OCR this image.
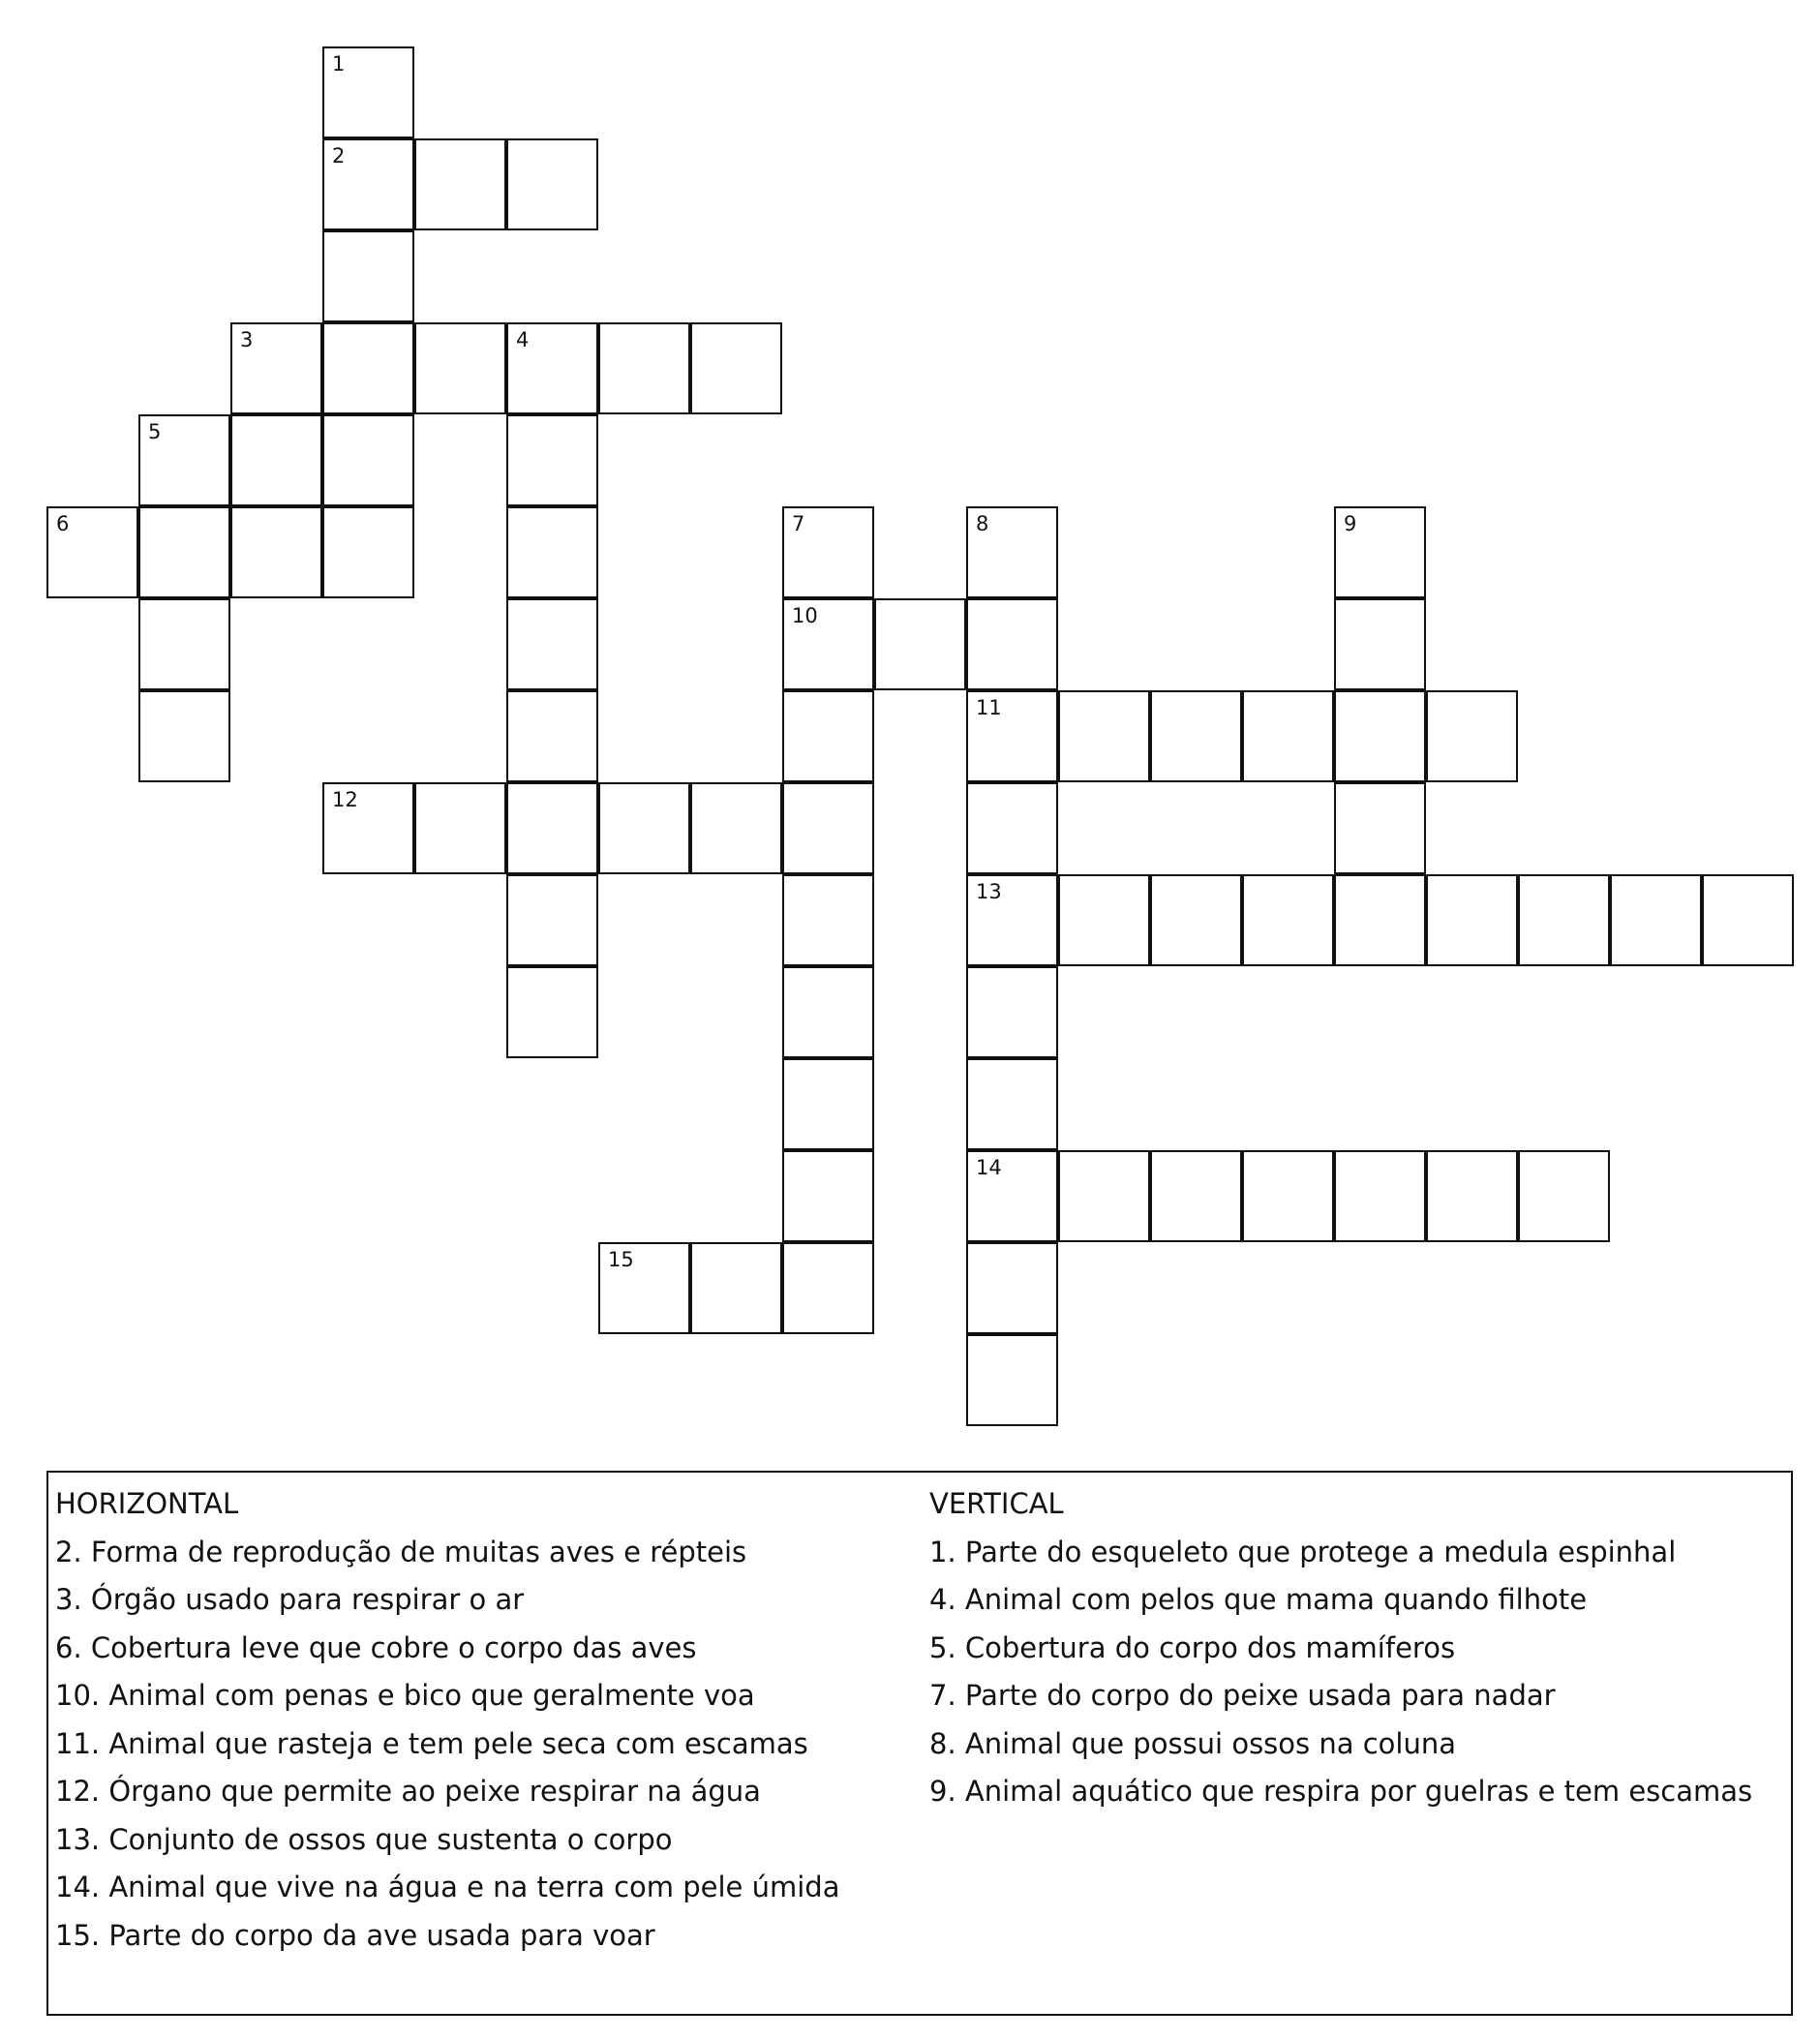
1
2
3	4
5
6	7	8	9
10
11
12
13
14
15
HORIZONTAL
2. Forma de reprodução de muitas aves e répteis
3. Órgão usado para respirar o ar
6. Cobertura leve que cobre o corpo das aves
10. Animal com penas e bico que geralmente voa
11. Animal que rasteja e tem pele seca com escamas
12. Órgano que permite ao peixe respirar na água
13. Conjunto de ossos que sustenta o corpo
14. Animal que vive na água e na terra com pele úmida
15. Parte do corpo da ave usada para voar
VERTICAL
1. Parte do esqueleto que protege a medula espinhal
4. Animal com pelos que mama quando filhote
5. Cobertura do corpo dos mamíferos
7. Parte do corpo do peixe usada para nadar
8. Animal que possui ossos na coluna
9. Animal aquático que respira por guelras e tem escamas
